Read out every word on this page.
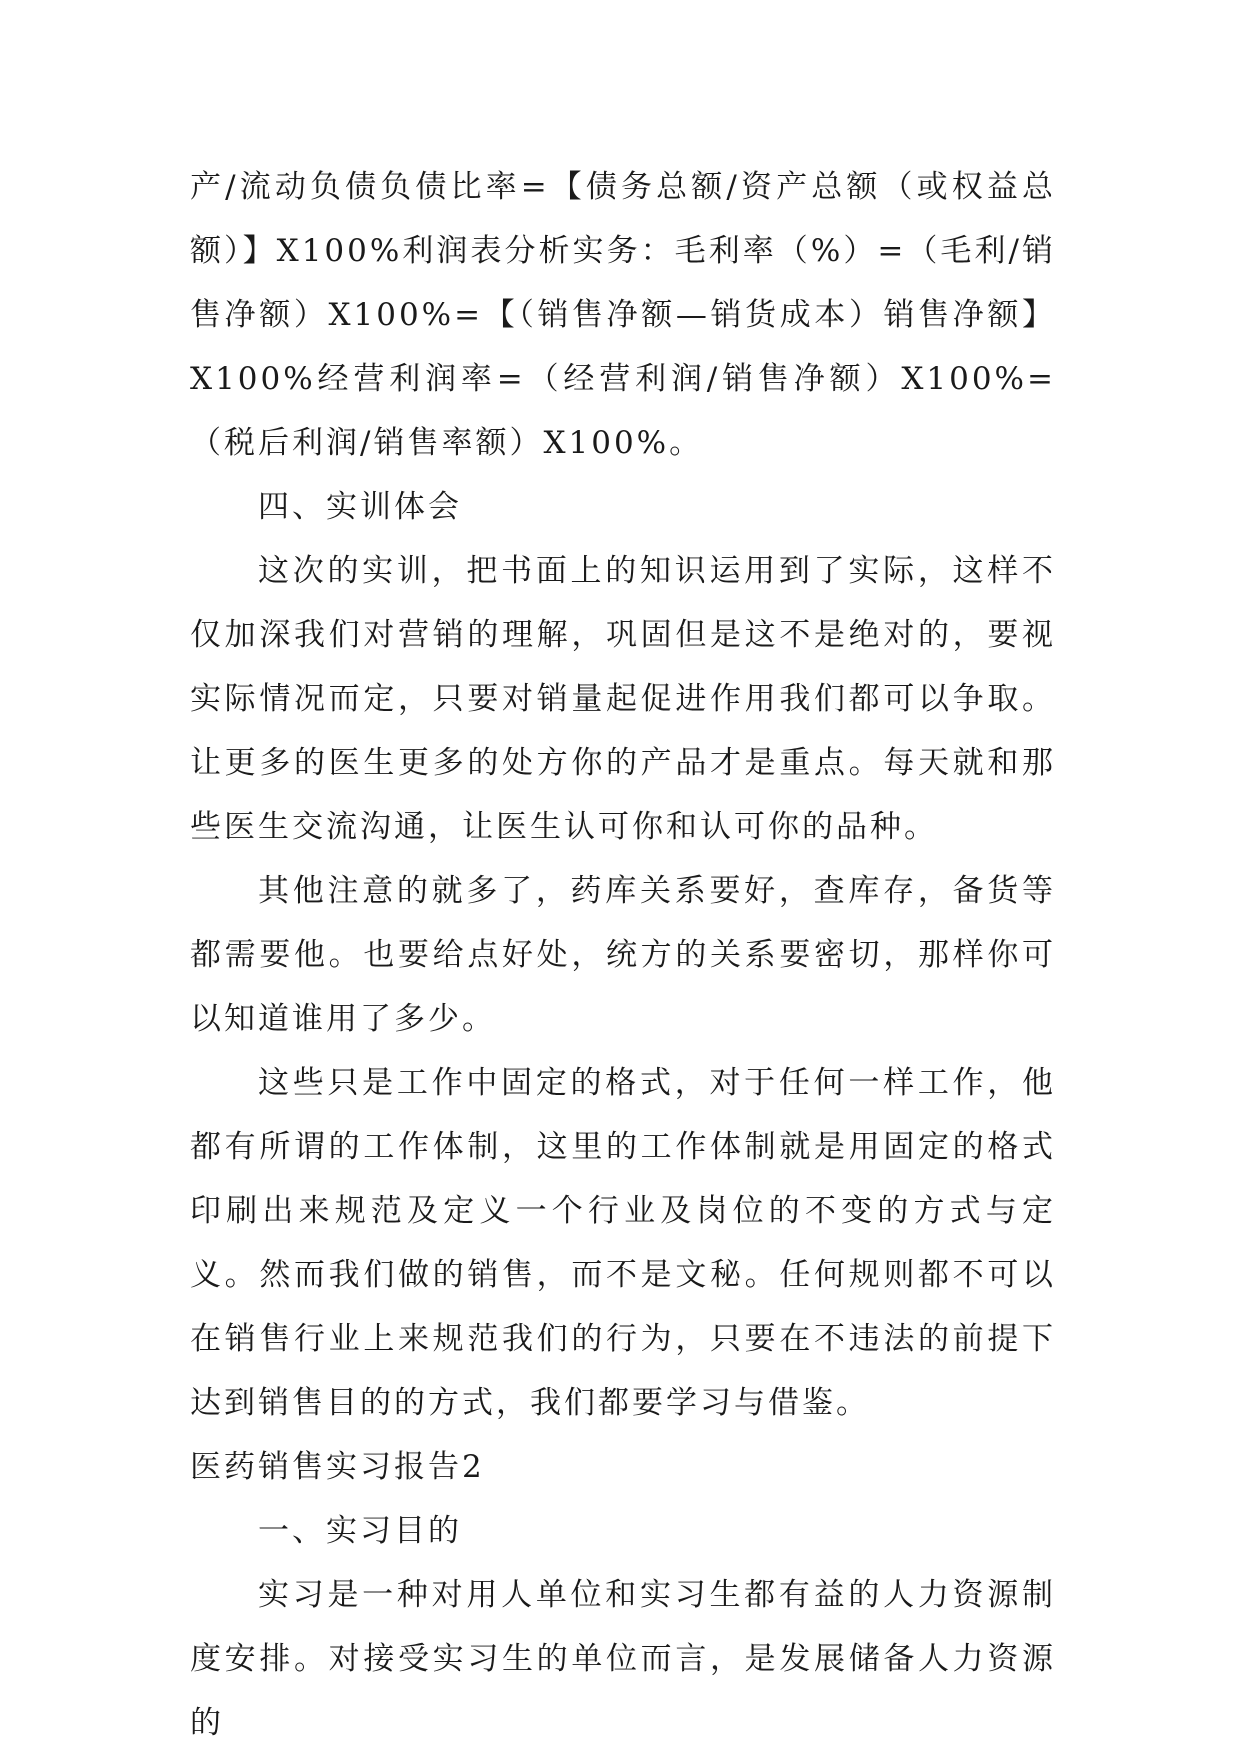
产/流动负债负债比率=【债务总额/资产总额（或权益总额）】X100%利润表分析实务：毛利率（%）=（毛利/销售净额）X100%=【（销售净额—销货成本）销售净额】X100%经营利润率=（经营利润/销售净额）X100%=（税后利润/销售率额）X100%。

四、实训体会

这次的实训，把书面上的知识运用到了实际，这样不仅加深我们对营销的理解，巩固但是这不是绝对的，要视实际情况而定，只要对销量起促进作用我们都可以争取。让更多的医生更多的处方你的产品才是重点。每天就和那些医生交流沟通，让医生认可你和认可你的品种。

其他注意的就多了，药库关系要好，查库存，备货等都需要他。也要给点好处，统方的关系要密切，那样你可以知道谁用了多少。

这些只是工作中固定的格式，对于任何一样工作，他都有所谓的工作体制，这里的工作体制就是用固定的格式印刷出来规范及定义一个行业及岗位的不变的方式与定义。然而我们做的销售，而不是文秘。任何规则都不可以在销售行业上来规范我们的行为，只要在不违法的前提下达到销售目的的方式，我们都要学习与借鉴。

医药销售实习报告2

一、实习目的

实习是一种对用人单位和实习生都有益的人力资源制度安排。对接受实习生的单位而言，是发展储备人力资源的
